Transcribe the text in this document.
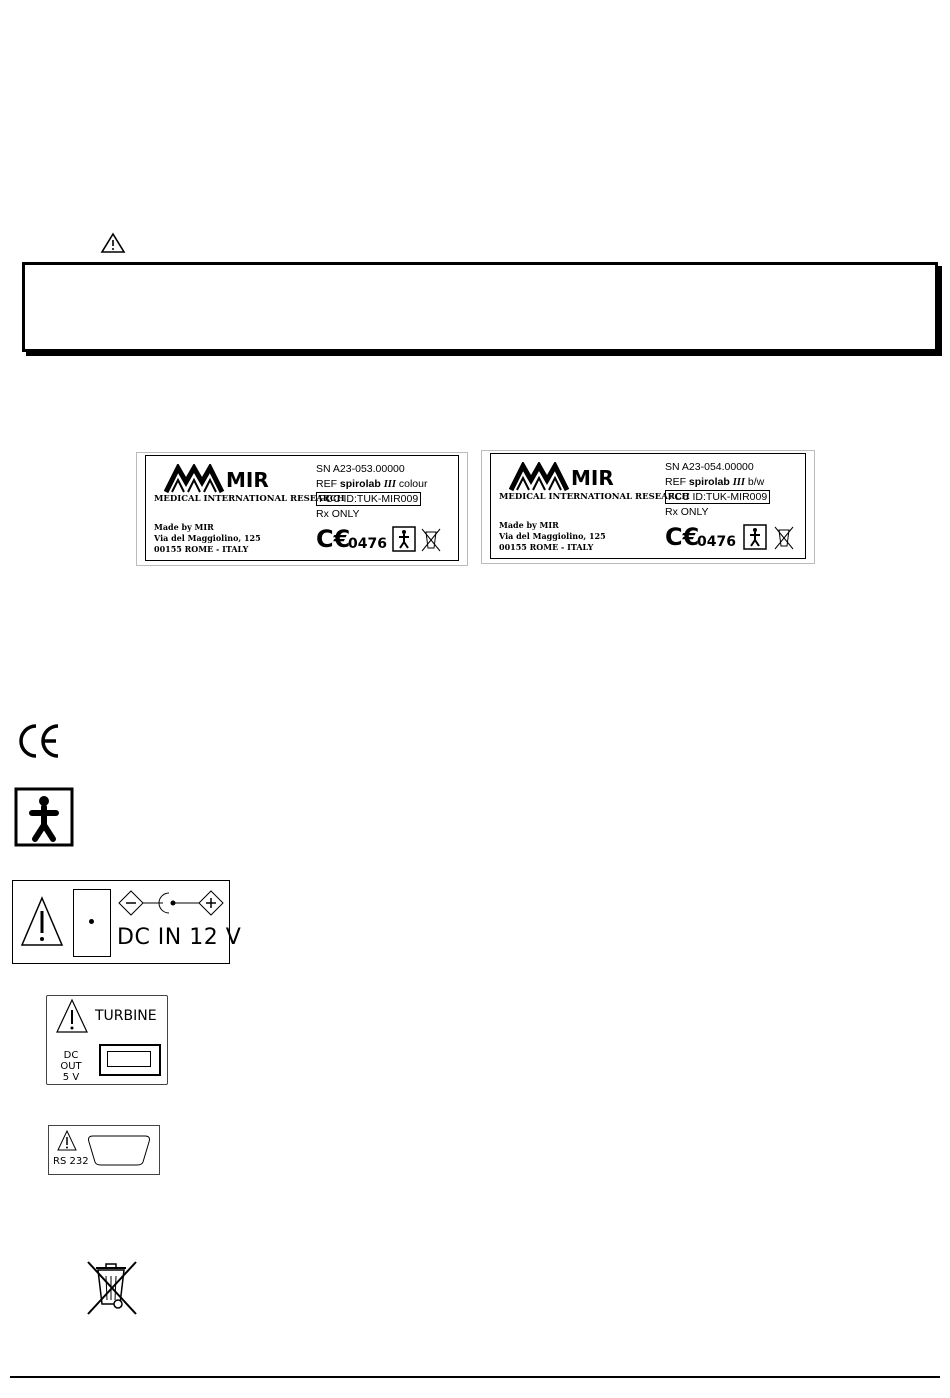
MIR
MEDICAL INTERNATIONAL RESEARCH
Made by MIR
Via del Maggiolino, 125
00155 ROME - ITALY
SN A23-053.00000
REF spirolab III colour
FCC ID:TUK-MIR009
Rx ONLY
C€
0476
MIR
MEDICAL INTERNATIONAL RESEARCH
Made by MIR
Via del Maggiolino, 125
00155 ROME - ITALY
SN A23-054.00000
REF spirolab III b/w
FCC ID:TUK-MIR009
Rx ONLY
C€
0476
DC IN 12 V
TURBINE
DC OUT
5 V
RS 232
